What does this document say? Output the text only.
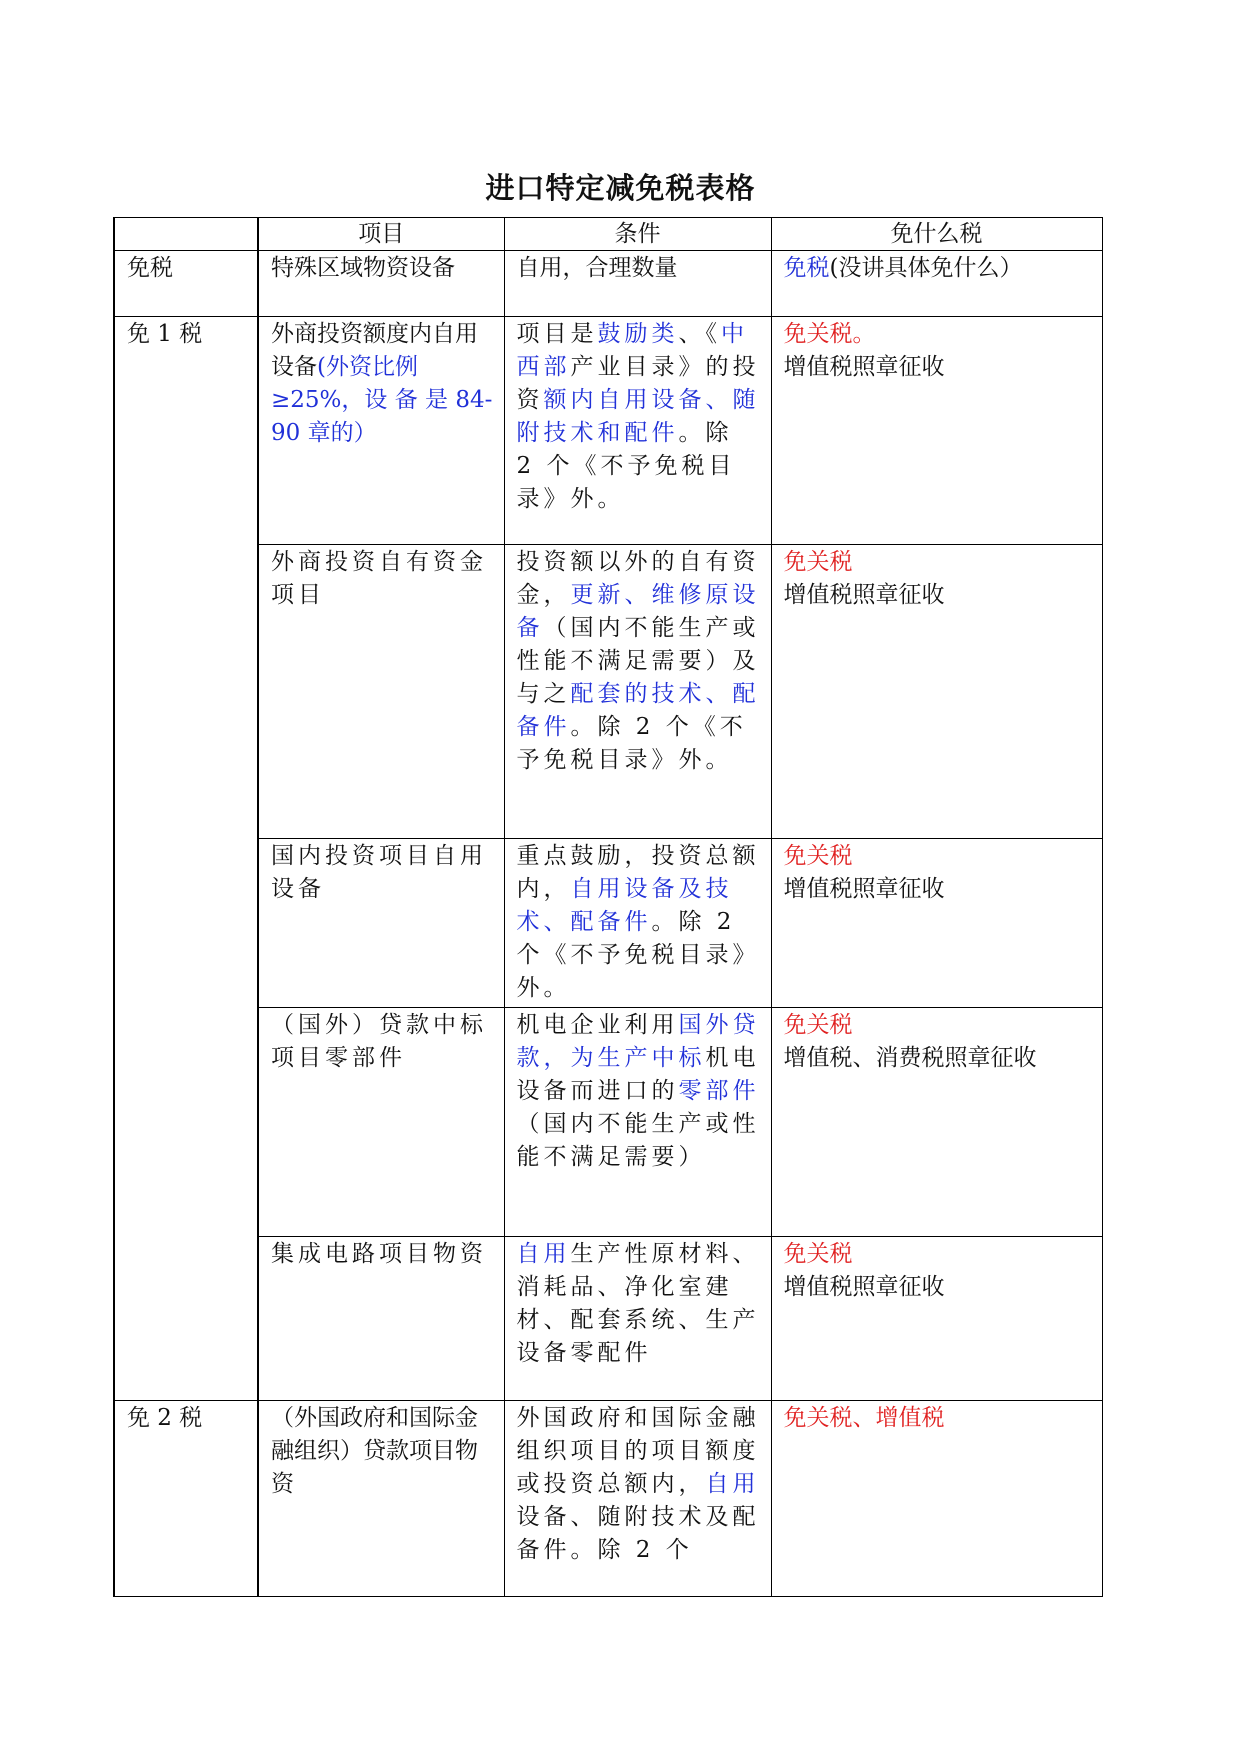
进口特定减免税表格
	项目	条件	免什么税
免税	特殊区域物资设备	自用，合理数量	免税(没讲具体免什么）
免 1 税	外商投资额度内自用设备(外资比例≥25%，设 备 是 84-90 章的）	项目是鼓励类、《中西部产业目录》的投资额内自用设备、随附技术和配件。除 2 个《不予免税目录》外。	免关税。
增值税照章征收
	外商投资自有资金项目	投资额以外的自有资金，更新、维修原设备（国内不能生产或性能不满足需要）及与之配套的技术、配备件。除 2 个《不予免税目录》外。	免关税
增值税照章征收
	国内投资项目自用设备	重点鼓励，投资总额内，自用设备及技术、配备件。除 2 个《不予免税目录》外。	免关税
增值税照章征收
	（国外）贷款中标项目零部件	机电企业利用国外贷款，为生产中标机电设备而进口的零部件（国内不能生产或性能不满足需要）	免关税
增值税、消费税照章征收
	集成电路项目物资	自用生产性原材料、消耗品、净化室建材、配套系统、生产设备零配件	免关税
增值税照章征收
免 2 税	（外国政府和国际金融组织）贷款项目物资	外国政府和国际金融组织项目的项目额度或投资总额内，自用设备、随附技术及配备件。除 2 个	免关税、增值税
